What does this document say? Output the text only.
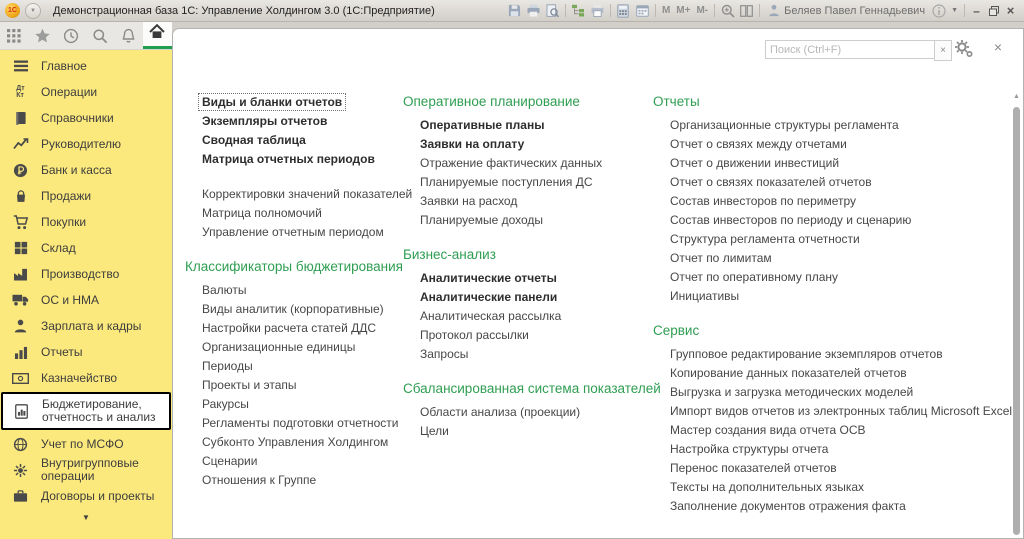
1С	▼	Демонстрационная база 1С: Управление Холдингом 3.0 (1С:Предприятие)	M M+ M-	Беляев Павел Геннадьевич	▼ – ×
Главное
Дт
Кт Операции
Справочники
Руководителю
Банк и касса
Продажи
Покупки
Склад
Производство
ОС и НМА
Зарплата и кадры
Отчеты
Казначейство
Бюджетирование, отчетность и анализ
Учет по МСФО
Внутригрупповые операции
Договоры и проекты
▼
Поиск (Ctrl+F)
×	×
Виды и бланки отчетов
Экземпляры отчетов
Сводная таблица
Матрица отчетных периодов
Корректировки значений показателей
Матрица полномочий
Управление отчетным периодом
Классификаторы бюджетирования
Валюты
Виды аналитик (корпоративные)
Настройки расчета статей ДДС
Организационные единицы
Периоды
Проекты и этапы
Ракурсы
Регламенты подготовки отчетности
Субконто Управления Холдингом
Сценарии
Отношения к Группе
Оперативное планирование
Оперативные планы
Заявки на оплату
Отражение фактических данных
Планируемые поступления ДС
Заявки на расход
Планируемые доходы
Бизнес-анализ
Аналитические отчеты
Аналитические панели
Аналитическая рассылка
Протокол рассылки
Запросы
Сбалансированная система показателей
Области анализа (проекции)
Цели
Отчеты
Организационные структуры регламента
Отчет о связях между отчетами
Отчет о движении инвестиций
Отчет о связях показателей отчетов
Состав инвесторов по периметру
Состав инвесторов по периоду и сценарию
Структура регламента отчетности
Отчет по лимитам
Отчет по оперативному плану
Инициативы
Сервис
Групповое редактирование экземпляров отчетов
Копирование данных показателей отчетов
Выгрузка и загрузка методических моделей
Импорт видов отчетов из электронных таблиц Microsoft Excel
Мастер создания вида отчета ОСВ
Настройка структуры отчета
Перенос показателей отчетов
Тексты на дополнительных языках
Заполнение документов отражения факта
▲
